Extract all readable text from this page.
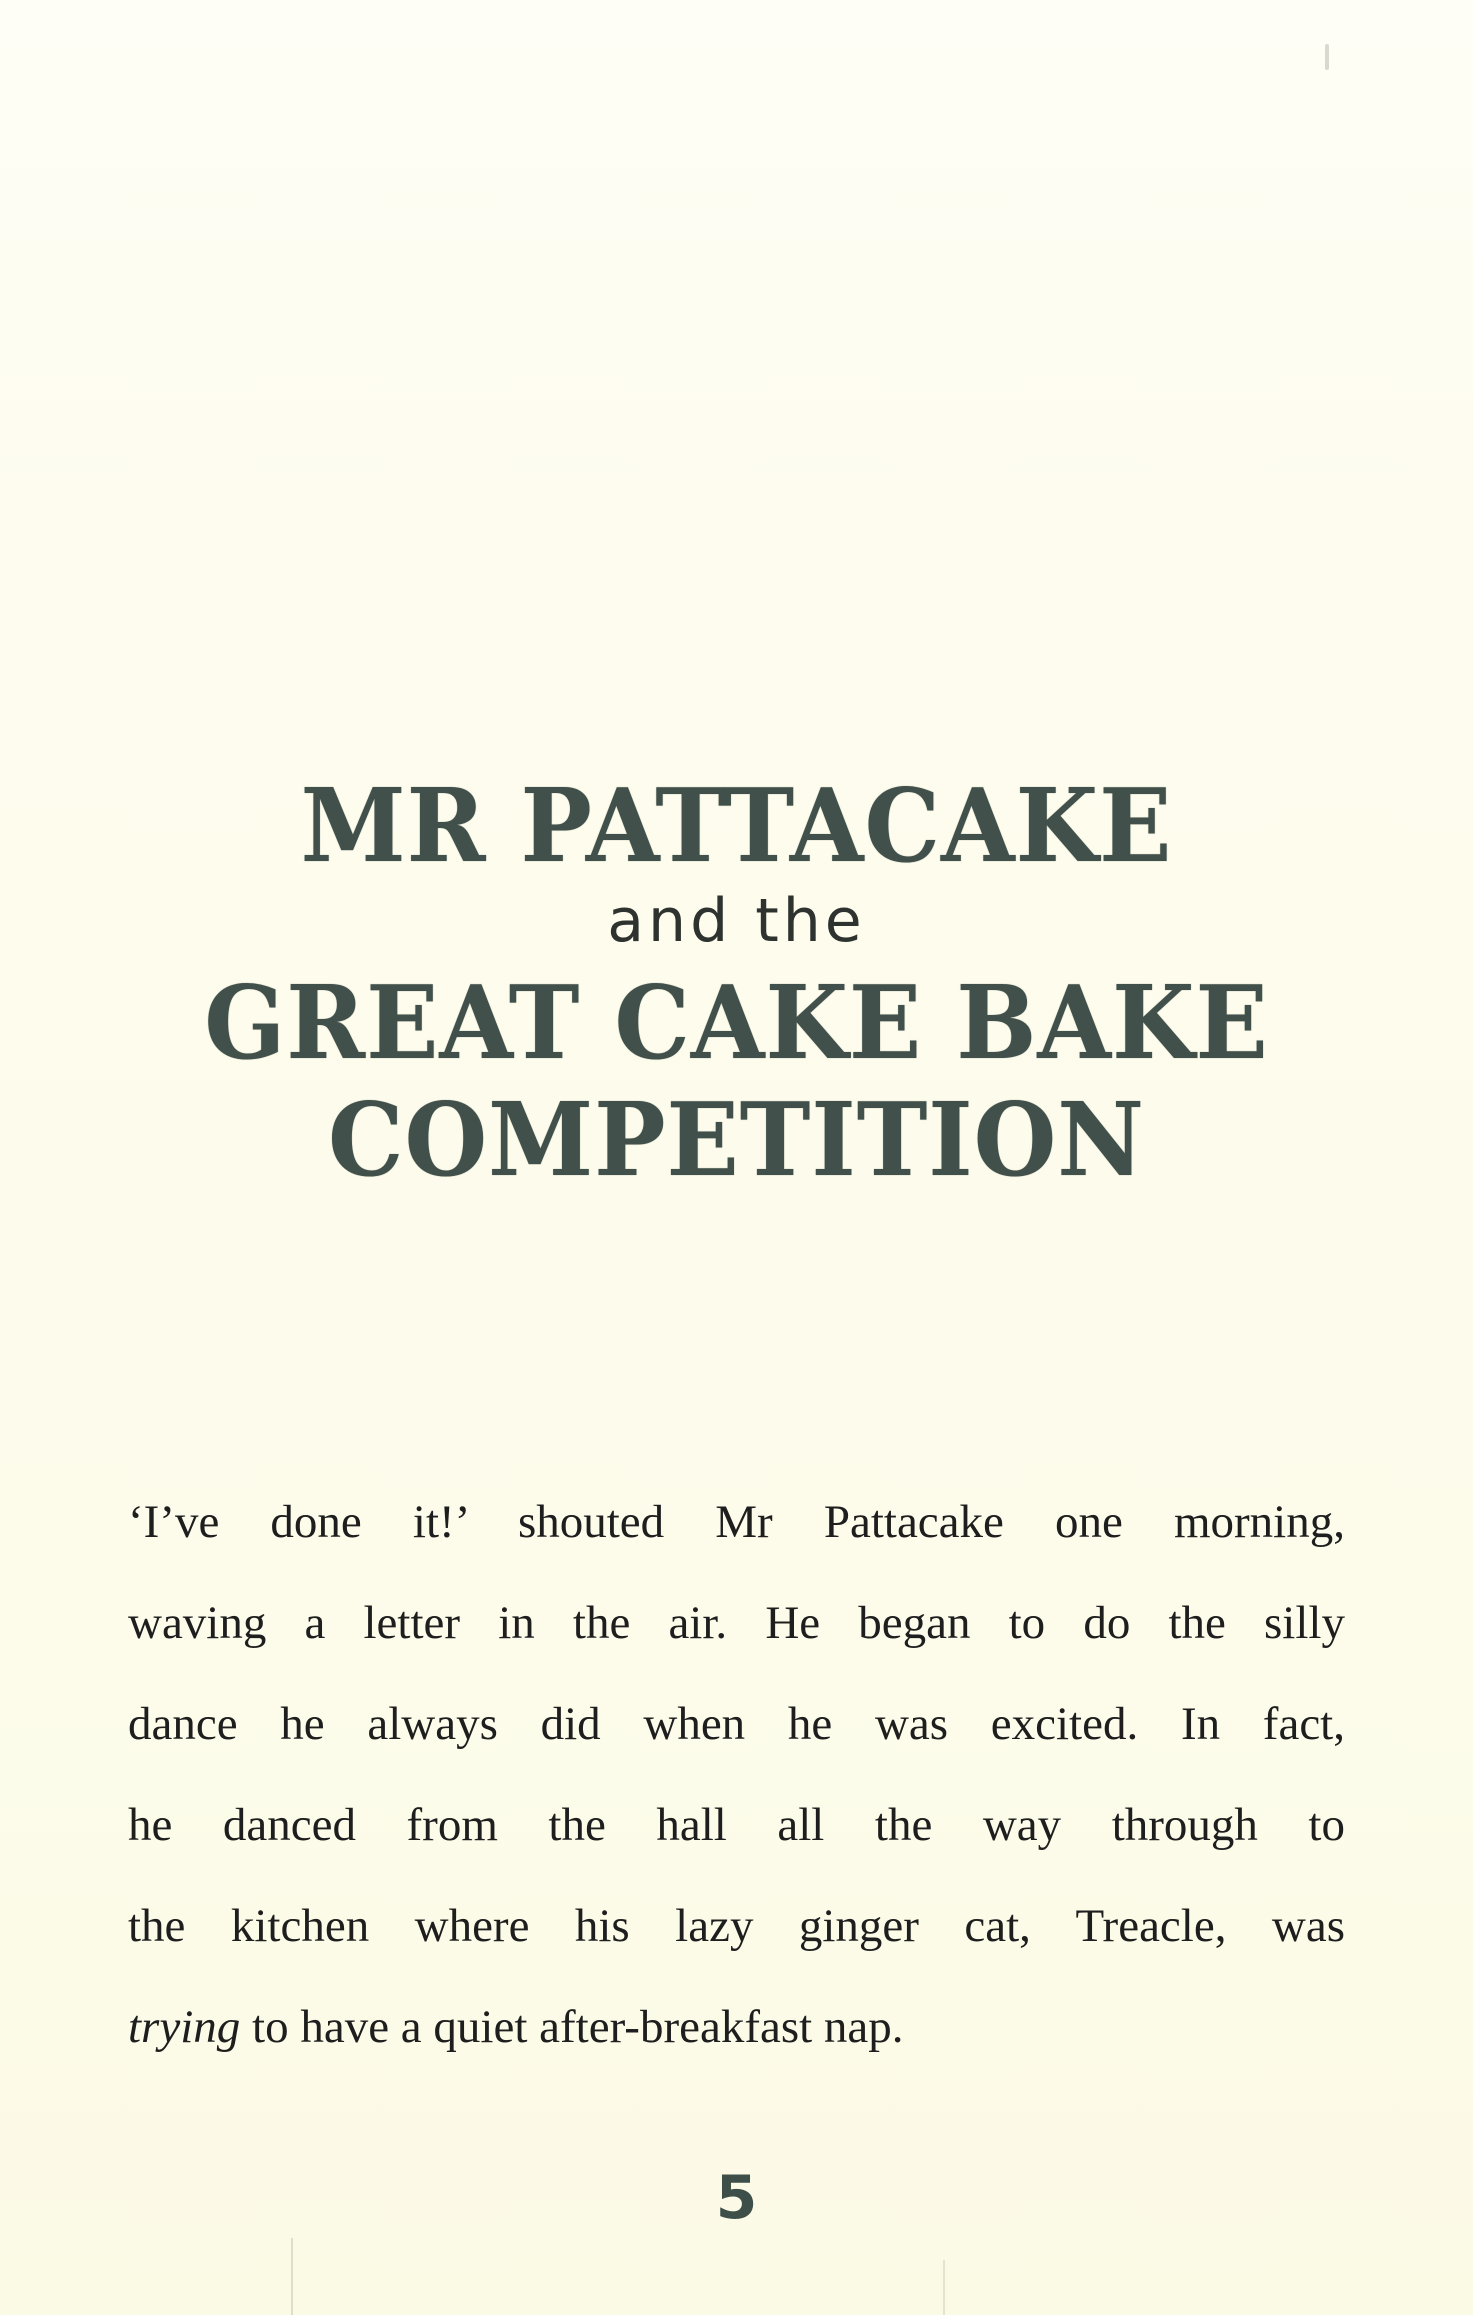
MR PATTACAKE
and the
GREAT CAKE BAKE
COMPETITION

‘I’ve done it!’ shouted Mr Pattacake one morning,

waving a letter in the air. He began to do the silly

dance he always did when he was excited. In fact,

he danced from the hall all the way through to

the kitchen where his lazy ginger cat, Treacle, was

trying to have a quiet after-breakfast nap.

5
